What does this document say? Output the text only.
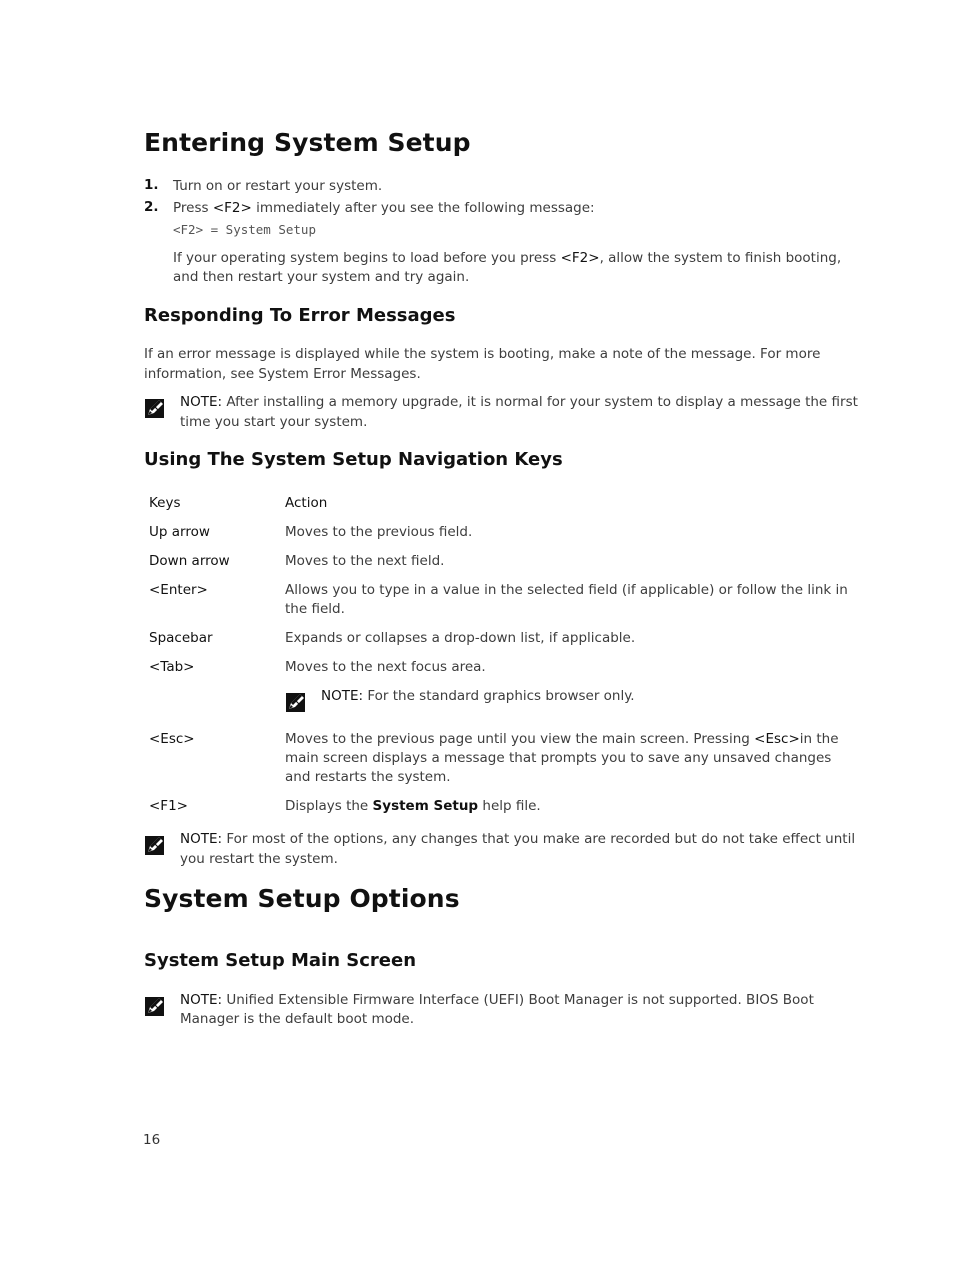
Entering System Setup
1. Turn on or restart your system.
2. Press <F2> immediately after you see the following message:
<F2> = System Setup
If your operating system begins to load before you press <F2>, allow the system to finish booting,
and then restart your system and try again.
Responding To Error Messages
If an error message is displayed while the system is booting, make a note of the message. For more
information, see System Error Messages.
NOTE: After installing a memory upgrade, it is normal for your system to display a message the first
time you start your system.
Using The System Setup Navigation Keys
Keys	Action
Up arrow	Moves to the previous field.
Down arrow	Moves to the next field.
<Enter>	Allows you to type in a value in the selected field (if applicable) or follow the link in
the field.
Spacebar	Expands or collapses a drop-down list, if applicable.
<Tab>	Moves to the next focus area.
NOTE: For the standard graphics browser only.
<Esc>	Moves to the previous page until you view the main screen. Pressing <Esc>in the
main screen displays a message that prompts you to save any unsaved changes
and restarts the system.
<F1>	Displays the System Setup help file.
NOTE: For most of the options, any changes that you make are recorded but do not take effect until
you restart the system.
System Setup Options
System Setup Main Screen
NOTE: Unified Extensible Firmware Interface (UEFI) Boot Manager is not supported. BIOS Boot
Manager is the default boot mode.
16
